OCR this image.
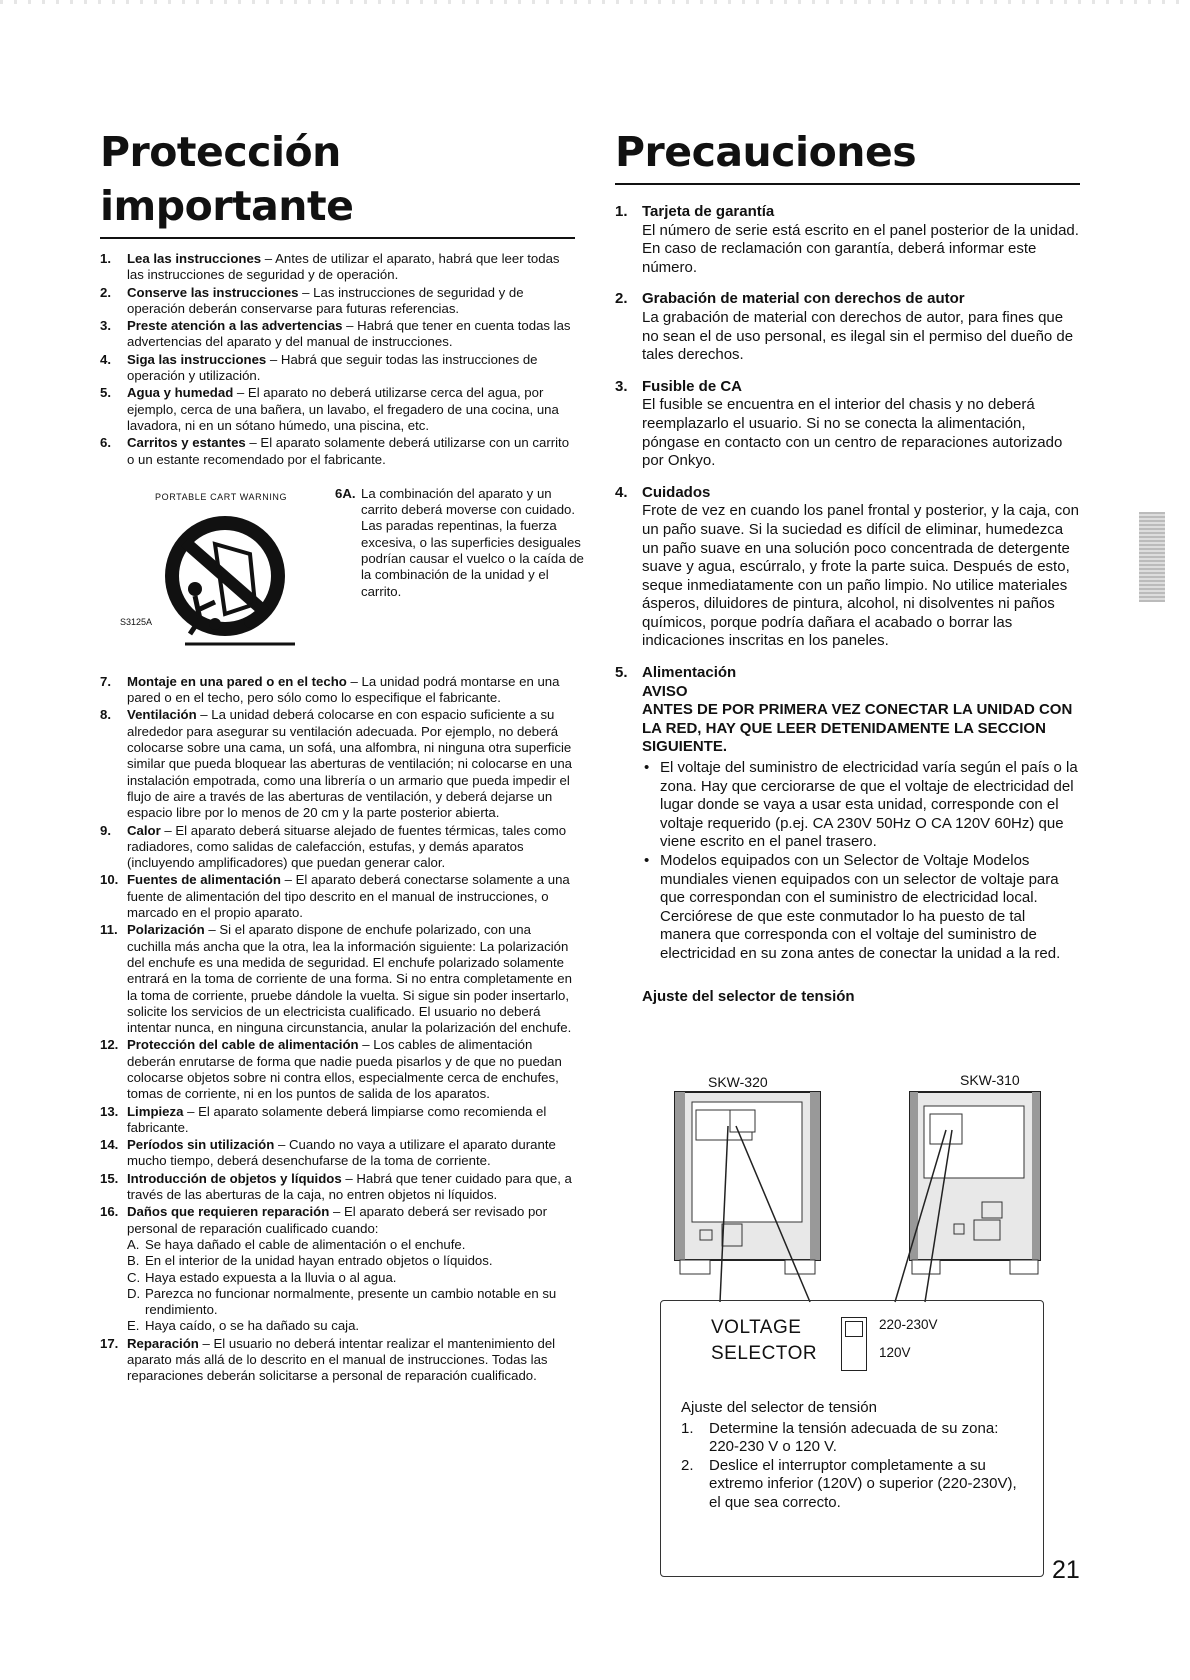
Protección importante
1. Lea las instrucciones – Antes de utilizar el aparato, habrá que leer todas las instrucciones de seguridad y de operación.
2. Conserve las instrucciones – Las instrucciones de seguridad y de operación deberán conservarse para futuras referencias.
3. Preste atención a las advertencias – Habrá que tener en cuenta todas las advertencias del aparato y del manual de instrucciones.
4. Siga las instrucciones – Habrá que seguir todas las instrucciones de operación y utilización.
5. Agua y humedad – El aparato no deberá utilizarse cerca del agua, por ejemplo, cerca de una bañera, un lavabo, el fregadero de una cocina, una lavadora, ni en un sótano húmedo, una piscina, etc.
6. Carritos y estantes – El aparato solamente deberá utilizarse con un carrito o un estante recomendado por el fabricante.
PORTABLE CART WARNING
S3125A
6A. La combinación del aparato y un carrito deberá moverse con cuidado. Las paradas repentinas, la fuerza excesiva, o las superficies desiguales podrían causar el vuelco o la caída de la combinación de la unidad y el carrito.
7. Montaje en una pared o en el techo – La unidad podrá montarse en una pared o en el techo, pero sólo como lo especifique el fabricante.
8. Ventilación – La unidad deberá colocarse en con espacio suficiente a su alrededor para asegurar su ventilación adecuada. Por ejemplo, no deberá colocarse sobre una cama, un sofá, una alfombra, ni ninguna otra superficie similar que pueda bloquear las aberturas de ventilación; ni colocarse en una instalación empotrada, como una librería o un armario que pueda impedir el flujo de aire a través de las aberturas de ventilación, y deberá dejarse un espacio libre por lo menos de 20 cm y la parte posterior abierta.
9. Calor – El aparato deberá situarse alejado de fuentes térmicas, tales como radiadores, como salidas de calefacción, estufas, y demás aparatos (incluyendo amplificadores) que puedan generar calor.
10. Fuentes de alimentación – El aparato deberá conectarse solamente a una fuente de alimentación del tipo descrito en el manual de instrucciones, o marcado en el propio aparato.
11. Polarización – Si el aparato dispone de enchufe polarizado, con una cuchilla más ancha que la otra, lea la información siguiente: La polarización del enchufe es una medida de seguridad. El enchufe polarizado solamente entrará en la toma de corriente de una forma. Si no entra completamente en la toma de corriente, pruebe dándole la vuelta. Si sigue sin poder insertarlo, solicite los servicios de un electricista cualificado. El usuario no deberá intentar nunca, en ninguna circunstancia, anular la polarización del enchufe.
12. Protección del cable de alimentación – Los cables de alimentación deberán enrutarse de forma que nadie pueda pisarlos y de que no puedan colocarse objetos sobre ni contra ellos, especialmente cerca de enchufes, tomas de corriente, ni en los puntos de salida de los aparatos.
13. Limpieza – El aparato solamente deberá limpiarse como recomienda el fabricante.
14. Períodos sin utilización – Cuando no vaya a utilizare el aparato durante mucho tiempo, deberá desenchufarse de la toma de corriente.
15. Introducción de objetos y líquidos – Habrá que tener cuidado para que, a través de las aberturas de la caja, no entren objetos ni líquidos.
16. Daños que requieren reparación – El aparato deberá ser revisado por personal de reparación cualificado cuando:
A. Se haya dañado el cable de alimentación o el enchufe.
B. En el interior de la unidad hayan entrado objetos o líquidos.
C. Haya estado expuesta a la lluvia o al agua.
D. Parezca no funcionar normalmente, presente un cambio notable en su rendimiento.
E. Haya caído, o se ha dañado su caja.
17. Reparación – El usuario no deberá intentar realizar el mantenimiento del aparato más allá de lo descrito en el manual de instrucciones. Todas las reparaciones deberán solicitarse a personal de reparación cualificado.
Precauciones
1. Tarjeta de garantía
El número de serie está escrito en el panel posterior de la unidad. En caso de reclamación con garantía, deberá informar este número.
2. Grabación de material con derechos de autor
La grabación de material con derechos de autor, para fines que no sean el de uso personal, es ilegal sin el permiso del dueño de tales derechos.
3. Fusible de CA
El fusible se encuentra en el interior del chasis y no deberá reemplazarlo el usuario. Si no se conecta la alimentación, póngase en contacto con un centro de reparaciones autorizado por Onkyo.
4. Cuidados
Frote de vez en cuando los panel frontal y posterior, y la caja, con un paño suave. Si la suciedad es difícil de eliminar, humedezca un paño suave en una solución poco concentrada de detergente suave y agua, escúrralo, y frote la parte suica. Después de esto, seque inmediatamente con un paño limpio. No utilice materiales ásperos, diluidores de pintura, alcohol, ni disolventes ni paños químicos, porque podría dañara el acabado o borrar las indicaciones inscritas en los paneles.
5. Alimentación
AVISO
ANTES DE POR PRIMERA VEZ CONECTAR LA UNIDAD CON LA RED, HAY QUE LEER DETENIDAMENTE LA SECCION SIGUIENTE.
• El voltaje del suministro de electricidad varía según el país o la zona. Hay que cerciorarse de que el voltaje de electricidad del lugar donde se vaya a usar esta unidad, corresponde con el voltaje requerido (p.ej. CA 230V 50Hz O CA 120V 60Hz) que viene escrito en el panel trasero.
• Modelos equipados con un Selector de Voltaje Modelos mundiales vienen equipados con un selector de voltaje para que correspondan con el suministro de electricidad local. Cerciórese de que este conmutador lo ha puesto de tal manera que corresponda con el voltaje del suministro de electricidad en su zona antes de conectar la unidad a la red.
Ajuste del selector de tensión
SKW-320	SKW-310
VOLTAGE
SELECTOR
220-230V
120V
Ajuste del selector de tensión
1. Determine la tensión adecuada de su zona: 220-230 V o 120 V.
2. Deslice el interruptor completamente a su extremo inferior (120V) o superior (220-230V), el que sea correcto.
21
